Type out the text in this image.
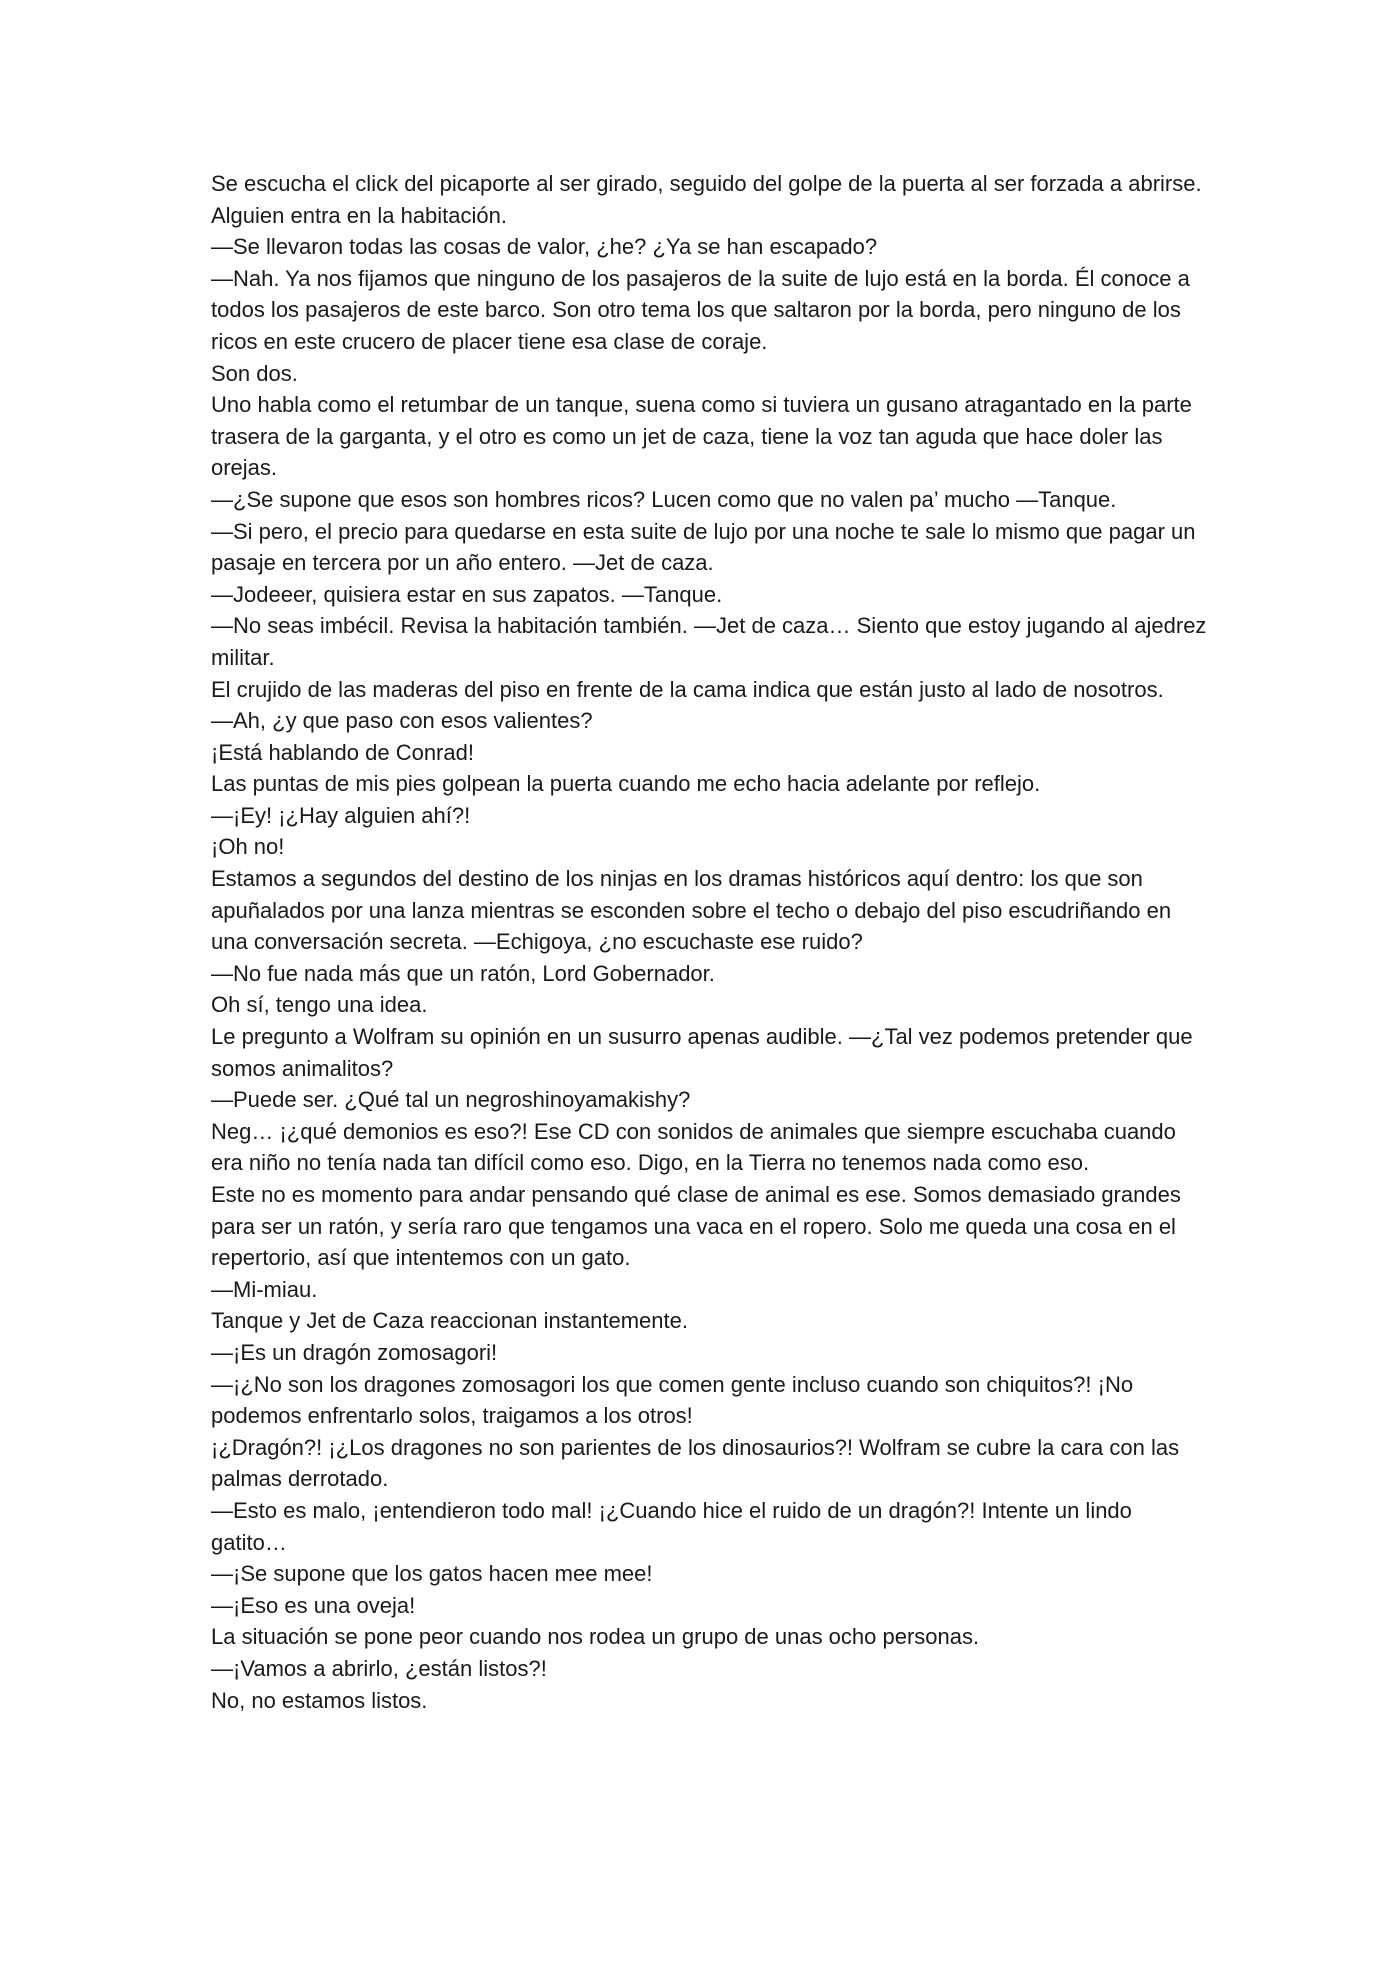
Se escucha el click del picaporte al ser girado, seguido del golpe de la puerta al ser forzada a abrirse. Alguien entra en la habitación.

—Se llevaron todas las cosas de valor, ¿he? ¿Ya se han escapado?

—Nah. Ya nos fijamos que ninguno de los pasajeros de la suite de lujo está en la borda. Él conoce a todos los pasajeros de este barco. Son otro tema los que saltaron por la borda, pero ninguno de los ricos en este crucero de placer tiene esa clase de coraje.

Son dos.

Uno habla como el retumbar de un tanque, suena como si tuviera un gusano atragantado en la parte trasera de la garganta, y el otro es como un jet de caza, tiene la voz tan aguda que hace doler las orejas.

—¿Se supone que esos son hombres ricos? Lucen como que no valen pa’ mucho —Tanque.

—Si pero, el precio para quedarse en esta suite de lujo por una noche te sale lo mismo que pagar un pasaje en tercera por un año entero. —Jet de caza.

—Jodeeer, quisiera estar en sus zapatos. —Tanque.

—No seas imbécil. Revisa la habitación también. —Jet de caza… Siento que estoy jugando al ajedrez militar.

El crujido de las maderas del piso en frente de la cama indica que están justo al lado de nosotros.

—Ah, ¿y que paso con esos valientes?

¡Está hablando de Conrad!

Las puntas de mis pies golpean la puerta cuando me echo hacia adelante por reflejo.

—¡Ey! ¡¿Hay alguien ahí?!

¡Oh no!

Estamos a segundos del destino de los ninjas en los dramas históricos aquí dentro: los que son apuñalados por una lanza mientras se esconden sobre el techo o debajo del piso escudriñando en una conversación secreta. —Echigoya, ¿no escuchaste ese ruido?

—No fue nada más que un ratón, Lord Gobernador.

Oh sí, tengo una idea.

Le pregunto a Wolfram su opinión en un susurro apenas audible. —¿Tal vez podemos pretender que somos animalitos?

—Puede ser. ¿Qué tal un negroshinoyamakishy?

Neg… ¡¿qué demonios es eso?! Ese CD con sonidos de animales que siempre escuchaba cuando era niño no tenía nada tan difícil como eso. Digo, en la Tierra no tenemos nada como eso.

Este no es momento para andar pensando qué clase de animal es ese. Somos demasiado grandes para ser un ratón, y sería raro que tengamos una vaca en el ropero. Solo me queda una cosa en el repertorio, así que intentemos con un gato.

—Mi-miau.

Tanque y Jet de Caza reaccionan instantemente.

—¡Es un dragón zomosagori!

—¡¿No son los dragones zomosagori los que comen gente incluso cuando son chiquitos?! ¡No podemos enfrentarlo solos, traigamos a los otros!

¡¿Dragón?! ¡¿Los dragones no son parientes de los dinosaurios?! Wolfram se cubre la cara con las palmas derrotado.

—Esto es malo, ¡entendieron todo mal! ¡¿Cuando hice el ruido de un dragón?! Intente un lindo gatito…

—¡Se supone que los gatos hacen mee mee!

—¡Eso es una oveja!

La situación se pone peor cuando nos rodea un grupo de unas ocho personas.

—¡Vamos a abrirlo, ¿están listos?!

No, no estamos listos.
